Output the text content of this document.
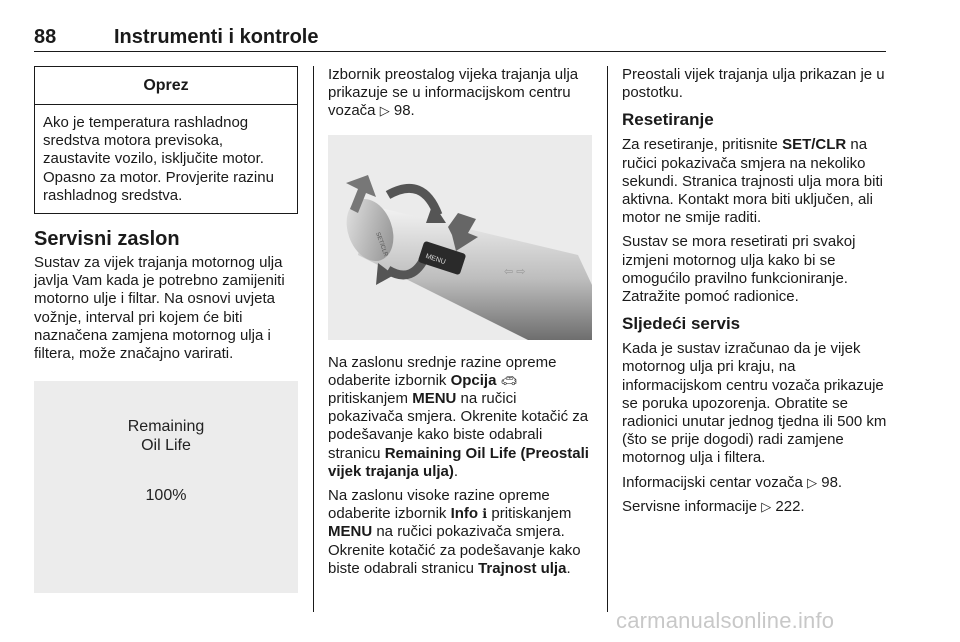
88	Instrumenti i kontrole
Oprez
Ako je temperatura rashladnog sredstva motora previsoka, zaustavite vozilo, isključite motor. Opasno za motor. Provjerite razinu rashladnog sredstva.
Servisni zaslon

Sustav za vijek trajanja motornog ulja javlja Vam kada je potrebno zamijeniti motorno ulje i filtar. Na osnovi uvjeta vožnje, interval pri kojem će biti naznačena zamjena motornog ulja i filtera, može značajno varirati.

Remaining
Oil Life
100%

Izbornik preostalog vijeka trajanja ulja prikazuje se u informacijskom centru vozača ▷ 98.

MENU
SET/CLR
⇦ ⇨

Na zaslonu srednje razine opreme odaberite izbornik Opcija 🚗︎ pritiskanjem MENU na ručici pokazivača smjera. Okrenite kotačić za podešavanje kako biste odabrali stranicu Remaining Oil Life (Preostali vijek trajanja ulja).

Na zaslonu visoke razine opreme odaberite izbornik Info ℹ pritiskanjem MENU na ručici pokazivača smjera. Okrenite kotačić za podešavanje kako biste odabrali stranicu Trajnost ulja.

Preostali vijek trajanja ulja prikazan je u postotku.

Resetiranje

Za resetiranje, pritisnite SET/CLR na ručici pokazivača smjera na nekoliko sekundi. Stranica trajnosti ulja mora biti aktivna. Kontakt mora biti uključen, ali motor ne smije raditi.

Sustav se mora resetirati pri svakoj izmjeni motornog ulja kako bi se omogućilo pravilno funkcioniranje. Zatražite pomoć radionice.

Sljedeći servis

Kada je sustav izračunao da je vijek motornog ulja pri kraju, na informacijskom centru vozača prikazuje se poruka upozorenja. Obratite se radionici unutar jednog tjedna ili 500 km (što se prije dogodi) radi zamjene motornog ulja i filtera.

Informacijski centar vozača ▷ 98.

Servisne informacije ▷ 222.

carmanualsonline.info
